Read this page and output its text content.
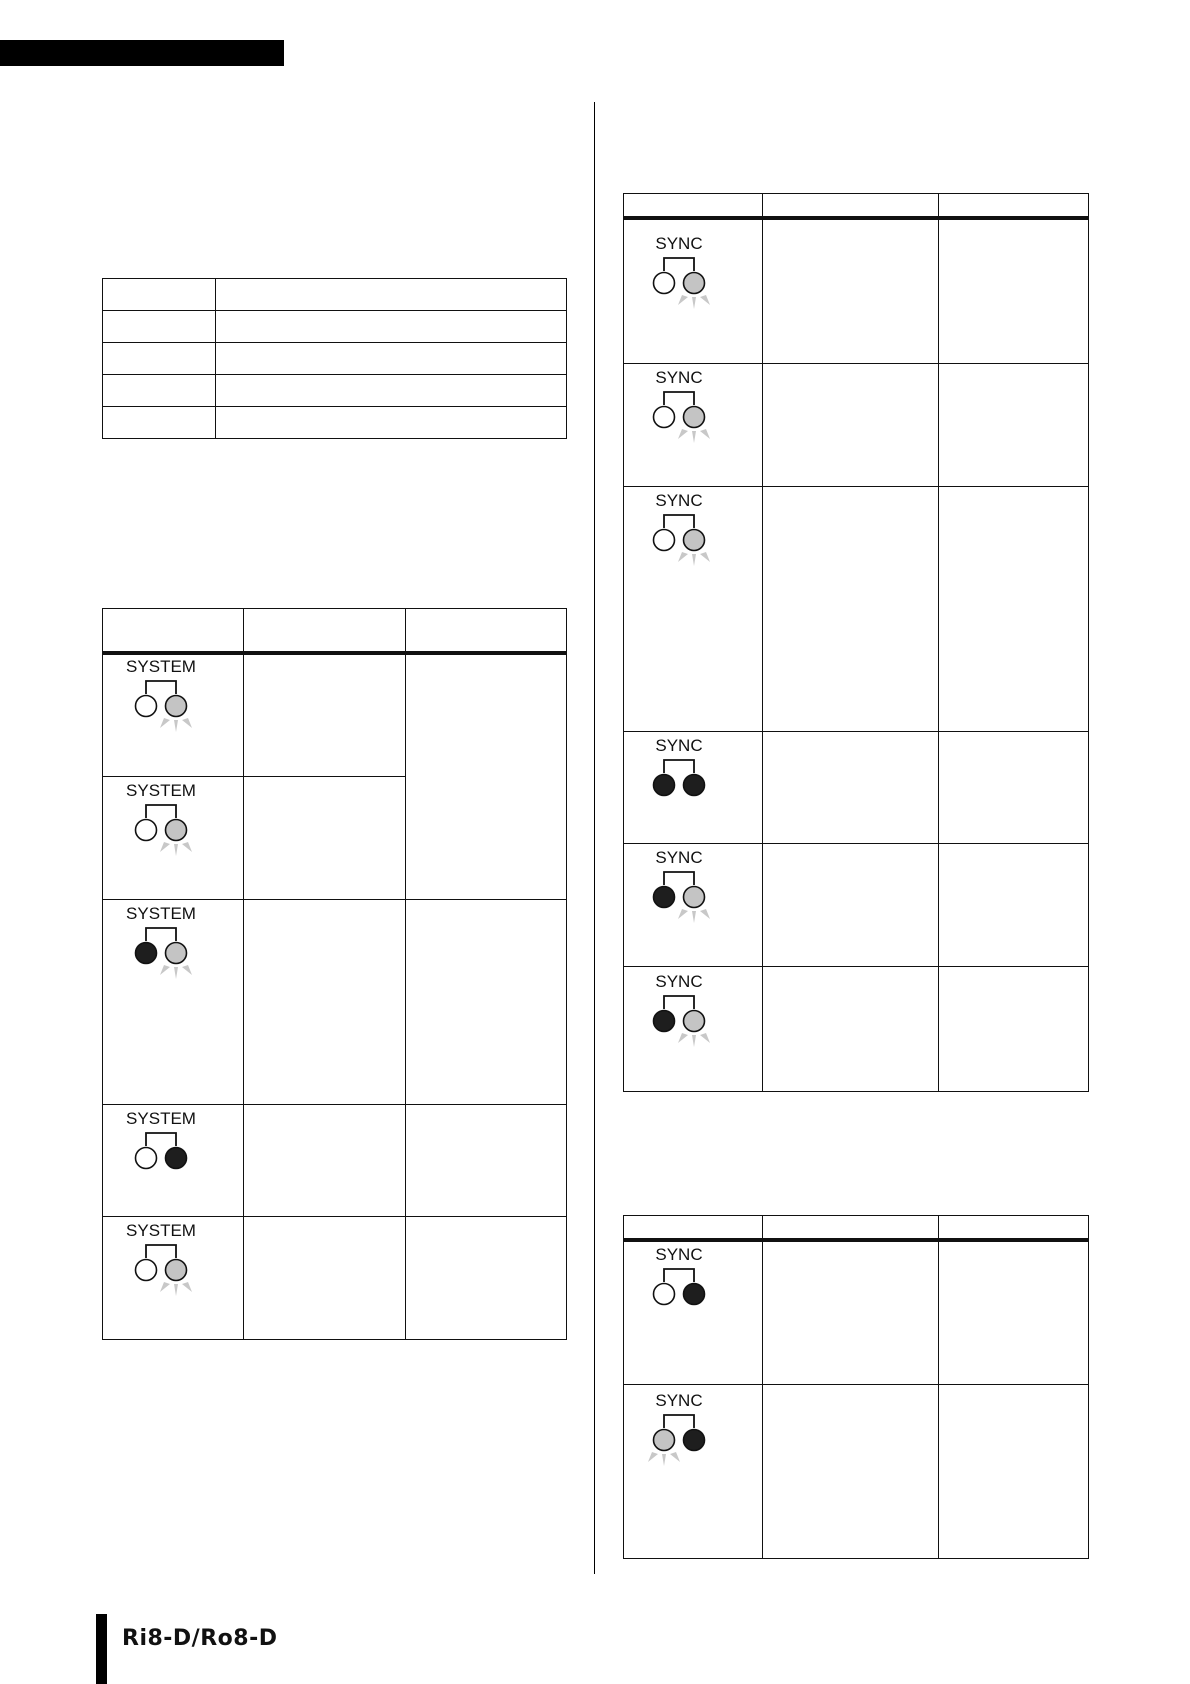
SYSTEM
SYSTEM
SYSTEM
SYSTEM
SYSTEM
SYNC
SYNC
SYNC
SYNC
SYNC
SYNC
SYNC
SYNC
Ri8-D/Ro8-D
